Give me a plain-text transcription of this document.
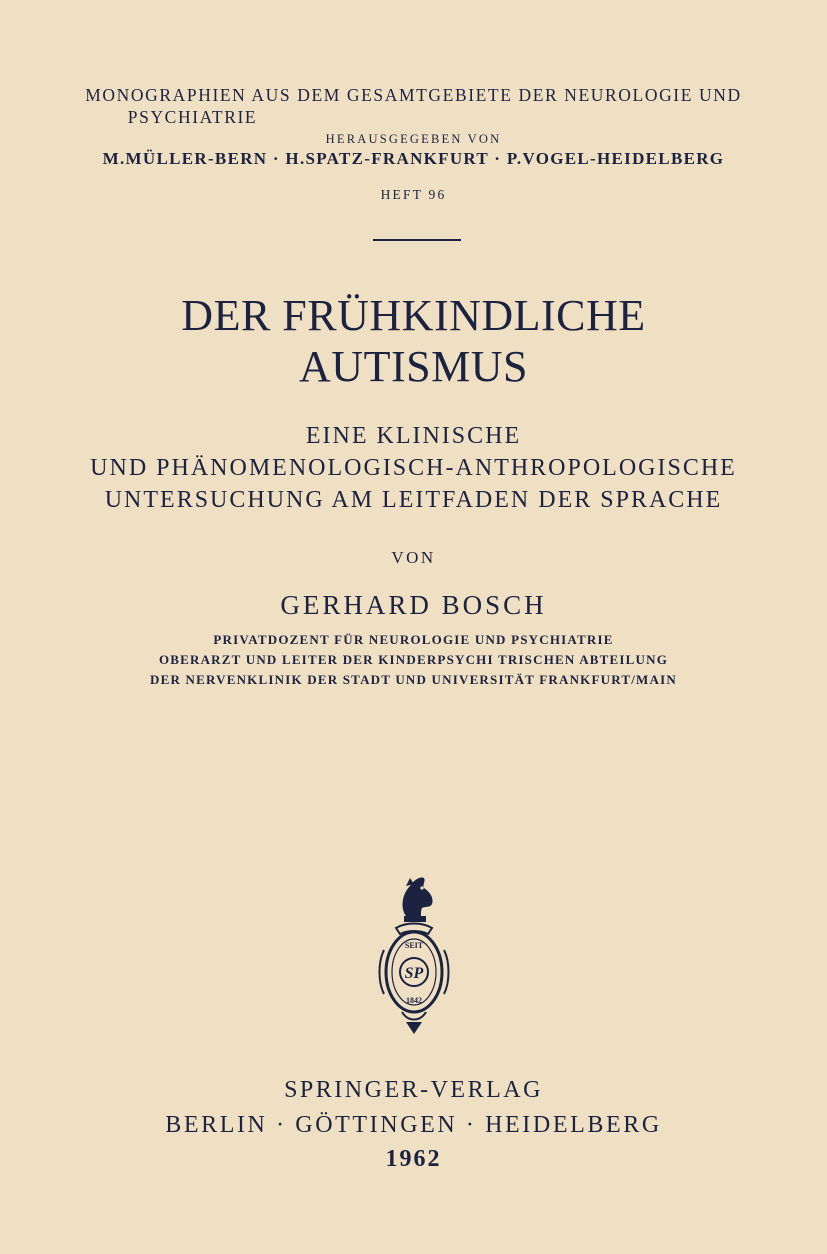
MONOGRAPHIEN AUS DEM GESAMTGEBIETE DER NEUROLOGIE UND
PSYCHIATRIE
HERAUSGEGEBEN VON
M.MÜLLER-BERN · H.SPATZ-FRANKFURT · P.VOGEL-HEIDELBERG
HEFT 96
DER FRÜHKINDLICHE
AUTISMUS
EINE KLINISCHE
UND PHÄNOMENOLOGISCH-ANTHROPOLOGISCHE
UNTERSUCHUNG AM LEITFADEN DER SPRACHE
VON
GERHARD BOSCH
PRIVATDOZENT FÜR NEUROLOGIE UND PSYCHIATRIE
OBERARZT UND LEITER DER KINDERPSYCHI TRISCHEN ABTEILUNG
DER NERVENKLINIK DER STADT UND UNIVERSITÄT FRANKFURT/MAIN
SEIT
SP
1842
SPRINGER-VERLAG
BERLIN · GÖTTINGEN · HEIDELBERG
1962
